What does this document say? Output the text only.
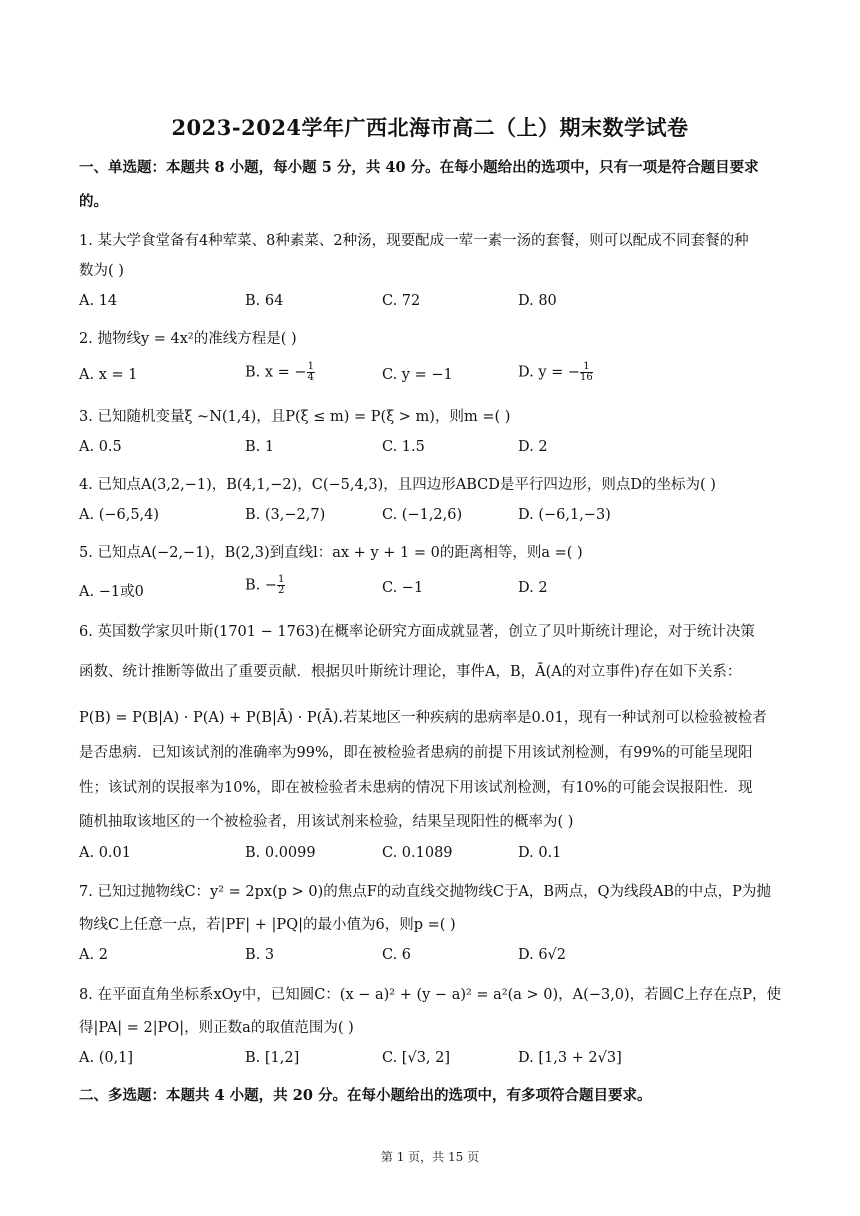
2023-2024学年广西北海市高二（上）期末数学试卷
一、单选题：本题共 8 小题，每小题 5 分，共 40 分。在每小题给出的选项中，只有一项是符合题目要求
的。
1. 某大学食堂备有4种荤菜、8种素菜、2种汤，现要配成一荤一素一汤的套餐，则可以配成不同套餐的种
数为( )
A. 14	B. 64	C. 72	D. 80
2. 抛物线y = 4x²的准线方程是( )
A. x = 1	B. x = − $\frac{1}{4}$	C. y = −1	D. y = − $\frac{1}{16}$
3. 已知随机变量ξ ~N(1,4)，且P(ξ ≤ m) = P(ξ > m)，则m =( )
A. 0.5	B. 1	C. 1.5	D. 2
4. 已知点A(3,2,−1)，B(4,1,−2)，C(−5,4,3)，且四边形ABCD是平行四边形，则点D的坐标为( )
A. (−6,5,4)	B. (3,−2,7)	C. (−1,2,6)	D. (−6,1,−3)
5. 已知点A(−2,−1)，B(2,3)到直线l：ax + y + 1 = 0的距离相等，则a =( )
A. −1或0	B. − $\frac{1}{2}$	C. −1	D. 2
6. 英国数学家贝叶斯(1701 − 1763)在概率论研究方面成就显著，创立了贝叶斯统计理论，对于统计决策
函数、统计推断等做出了重要贡献．根据贝叶斯统计理论，事件A，B，Ā(A的对立事件)存在如下关系：
P(B) = P(B|A) · P(A) + P(B|Ā) · P(Ā).若某地区一种疾病的患病率是0.01，现有一种试剂可以检验被检者
是否患病．已知该试剂的准确率为99%，即在被检验者患病的前提下用该试剂检测，有99%的可能呈现阳
性；该试剂的误报率为10%，即在被检验者未患病的情况下用该试剂检测，有10%的可能会误报阳性．现
随机抽取该地区的一个被检验者，用该试剂来检验，结果呈现阳性的概率为( )
A. 0.01	B. 0.0099	C. 0.1089	D. 0.1
7. 已知过抛物线C：y² = 2px(p > 0)的焦点F的动直线交抛物线C于A，B两点，Q为线段AB的中点，P为抛
物线C上任意一点，若|PF| + |PQ|的最小值为6，则p =( )
A. 2	B. 3	C. 6	D. 6√2
8. 在平面直角坐标系xOy中，已知圆C：(x − a)² + (y − a)² = a²(a > 0)，A(−3,0)，若圆C上存在点P，使
得|PA| = 2|PO|，则正数a的取值范围为( )
A. (0,1]	B. [1,2]	C. [√3, 2]	D. [1,3 + 2√3]
二、多选题：本题共 4 小题，共 20 分。在每小题给出的选项中，有多项符合题目要求。
第 1 页，共 15 页
